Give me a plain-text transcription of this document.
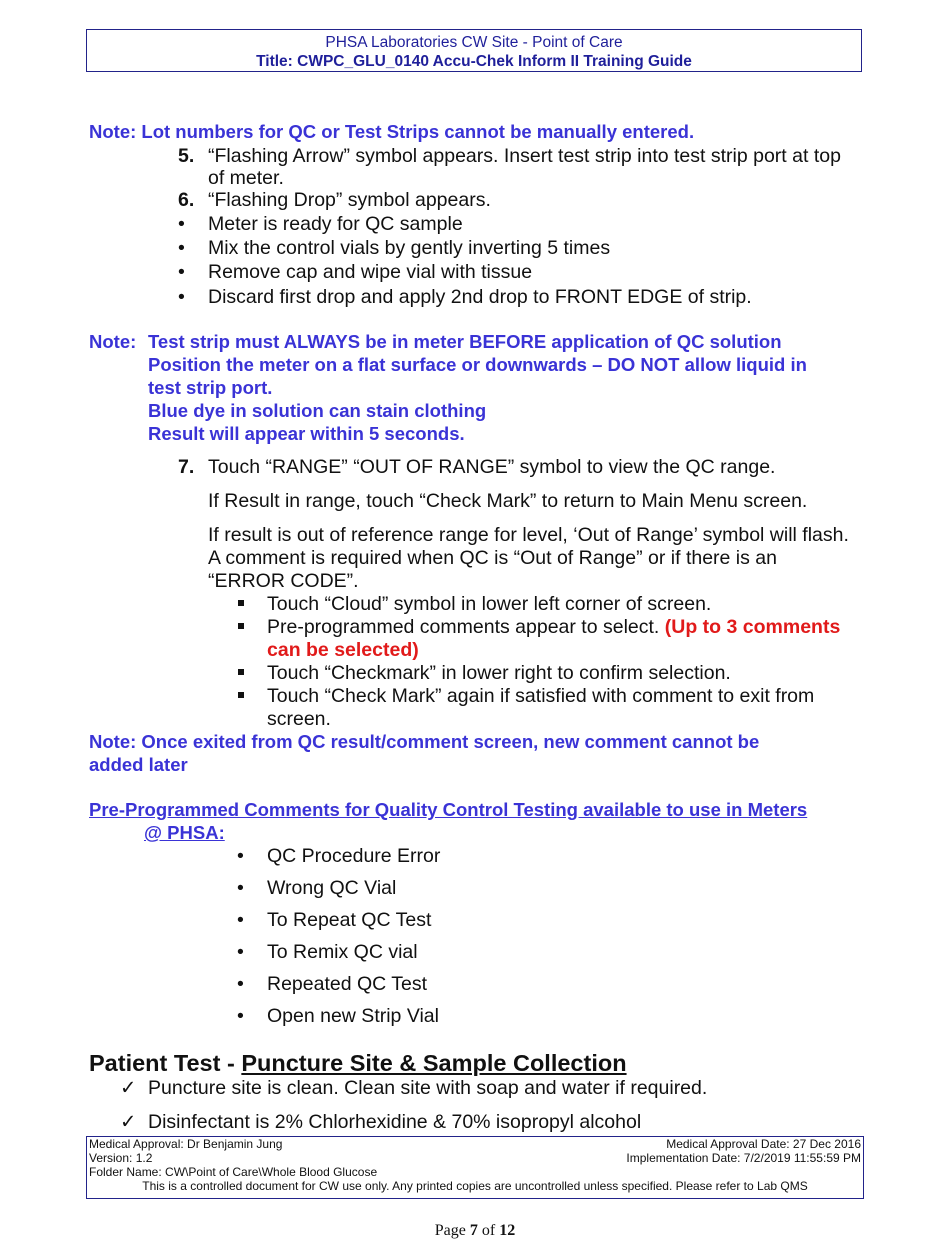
PHSA Laboratories CW Site - Point of Care
Title: CWPC_GLU_0140 Accu-Chek Inform II Training Guide
Note: Lot numbers for QC or Test Strips cannot be manually entered.
5. “Flashing Arrow” symbol appears. Insert test strip into test strip port at top
of meter.
6. “Flashing Drop” symbol appears.
• Meter is ready for QC sample
• Mix the control vials by gently inverting 5 times
• Remove cap and wipe vial with tissue
• Discard first drop and apply 2nd drop to FRONT EDGE of strip.
Note: Test strip must ALWAYS be in meter BEFORE application of QC solution
Position the meter on a flat surface or downwards – DO NOT allow liquid in
test strip port.
Blue dye in solution can stain clothing
Result will appear within 5 seconds.
7. Touch “RANGE” “OUT OF RANGE” symbol to view the QC range.
If Result in range, touch “Check Mark” to return to Main Menu screen.
If result is out of reference range for level, ‘Out of Range’ symbol will flash.
A comment is required when QC is “Out of Range” or if there is an
“ERROR CODE”.
Touch “Cloud” symbol in lower left corner of screen.
Pre-programmed comments appear to select. (Up to 3 comments
can be selected)
Touch “Checkmark” in lower right to confirm selection.
Touch “Check Mark” again if satisfied with comment to exit from
screen.
Note: Once exited from QC result/comment screen, new comment cannot be
added later
Pre-Programmed Comments for Quality Control Testing available to use in Meters
@ PHSA:
• QC Procedure Error
• Wrong QC Vial
• To Repeat QC Test
• To Remix QC vial
• Repeated QC Test
• Open new Strip Vial
Patient Test - Puncture Site & Sample Collection
✓ Puncture site is clean. Clean site with soap and water if required.
✓ Disinfectant is 2% Chlorhexidine & 70% isopropyl alcohol
Medical Approval: Dr Benjamin Jung	Medical Approval Date: 27 Dec 2016
Version: 1.2	Implementation Date: 7/2/2019 11:55:59 PM
Folder Name: CW\Point of Care\Whole Blood Glucose
This is a controlled document for CW use only. Any printed copies are uncontrolled unless specified. Please refer to Lab QMS
Page 7 of 12
